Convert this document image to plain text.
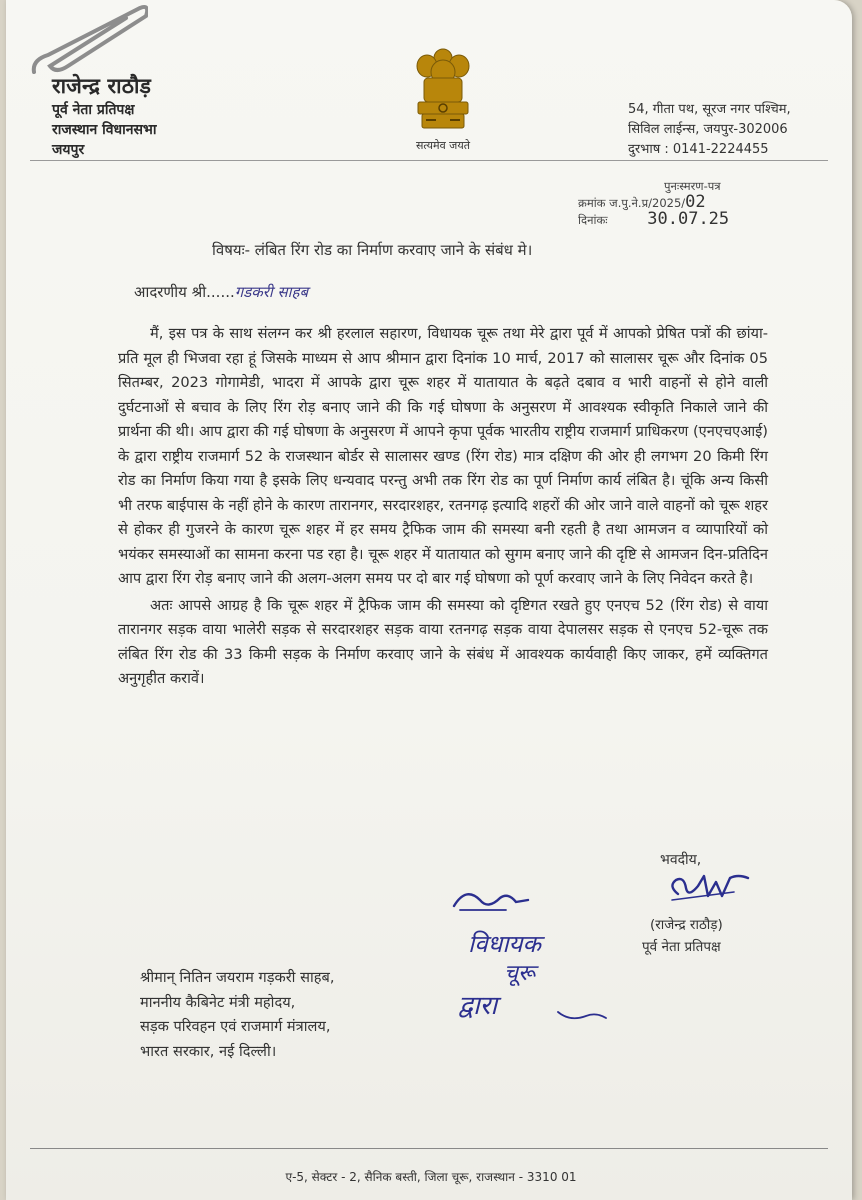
राजेन्द्र राठौड़
पूर्व नेता प्रतिपक्ष
राजस्थान विधानसभा
जयपुर	सत्यमेव जयते
54, गीता पथ, सूरज नगर पश्चिम,
सिविल लाईन्स, जयपुर-302006
दुरभाष : 0141-2224455
पुनःस्मरण-पत्र
क्रमांक ज.पु.ने.प्र/2025/02
दिनांकः 30.07.25
विषयः- लंबित रिंग रोड का निर्माण करवाए जाने के संबंध मे।
आदरणीय श्री......गडकरी साहब

मैं, इस पत्र के साथ संलग्न कर श्री हरलाल सहारण, विधायक चूरू तथा मेरे द्वारा पूर्व में आपको प्रेषित पत्रों की छांया-प्रति मूल ही भिजवा रहा हूं जिसके माध्यम से आप श्रीमान द्वारा दिनांक 10 मार्च, 2017 को सालासर चूरू और दिनांक 05 सितम्बर, 2023 गोगामेडी, भादरा में आपके द्वारा चूरू शहर में यातायात के बढ़ते दबाव व भारी वाहनों से होने वाली दुर्घटनाओं से बचाव के लिए रिंग रोड़ बनाए जाने की कि गई घोषणा के अनुसरण में आवश्यक स्वीकृति निकाले जाने की प्रार्थना की थी। आप द्वारा की गई घोषणा के अनुसरण में आपने कृपा पूर्वक भारतीय राष्ट्रीय राजमार्ग प्राधिकरण (एनएचएआई) के द्वारा राष्ट्रीय राजमार्ग 52 के राजस्थान बोर्डर से सालासर खण्ड (रिंग रोड) मात्र दक्षिण की ओर ही लगभग 20 किमी रिंग रोड का निर्माण किया गया है इसके लिए धन्यवाद परन्तु अभी तक रिंग रोड का पूर्ण निर्माण कार्य लंबित है। चूंकि अन्य किसी भी तरफ बाईपास के नहीं होने के कारण तारानगर, सरदारशहर, रतनगढ़ इत्यादि शहरों की ओर जाने वाले वाहनों को चूरू शहर से होकर ही गुजरने के कारण चूरू शहर में हर समय ट्रैफिक जाम की समस्या बनी रहती है तथा आमजन व व्यापारियों को भयंकर समस्याओं का सामना करना पड रहा है। चूरू शहर में यातायात को सुगम बनाए जाने की दृष्टि से आमजन दिन-प्रतिदिन आप द्वारा रिंग रोड़ बनाए जाने की अलग-अलग समय पर दो बार गई घोषणा को पूर्ण करवाए जाने के लिए निवेदन करते है।

अतः आपसे आग्रह है कि चूरू शहर में ट्रैफिक जाम की समस्या को दृष्टिगत रखते हुए एनएच 52 (रिंग रोड) से वाया तारानगर सड़क वाया भालेरी सड़क से सरदारशहर सड़क वाया रतनगढ़ सड़क वाया देपालसर सड़क से एनएच 52-चूरू तक लंबित रिंग रोड की 33 किमी सड़क के निर्माण करवाए जाने के संबंध में आवश्यक कार्यवाही किए जाकर, हमें व्यक्तिगत अनुगृहीत करावें।

भवदीय,
(राजेन्द्र राठौड़)
पूर्व नेता प्रतिपक्ष
विधायक
चूरू
द्वारा
श्रीमान् नितिन जयराम गड़करी साहब,
माननीय कैबिनेट मंत्री महोदय,
सड़क परिवहन एवं राजमार्ग मंत्रालय,
भारत सरकार, नई दिल्ली।
ए-5, सेक्टर - 2, सैनिक बस्ती, जिला चूरू, राजस्थान - 3310 01
